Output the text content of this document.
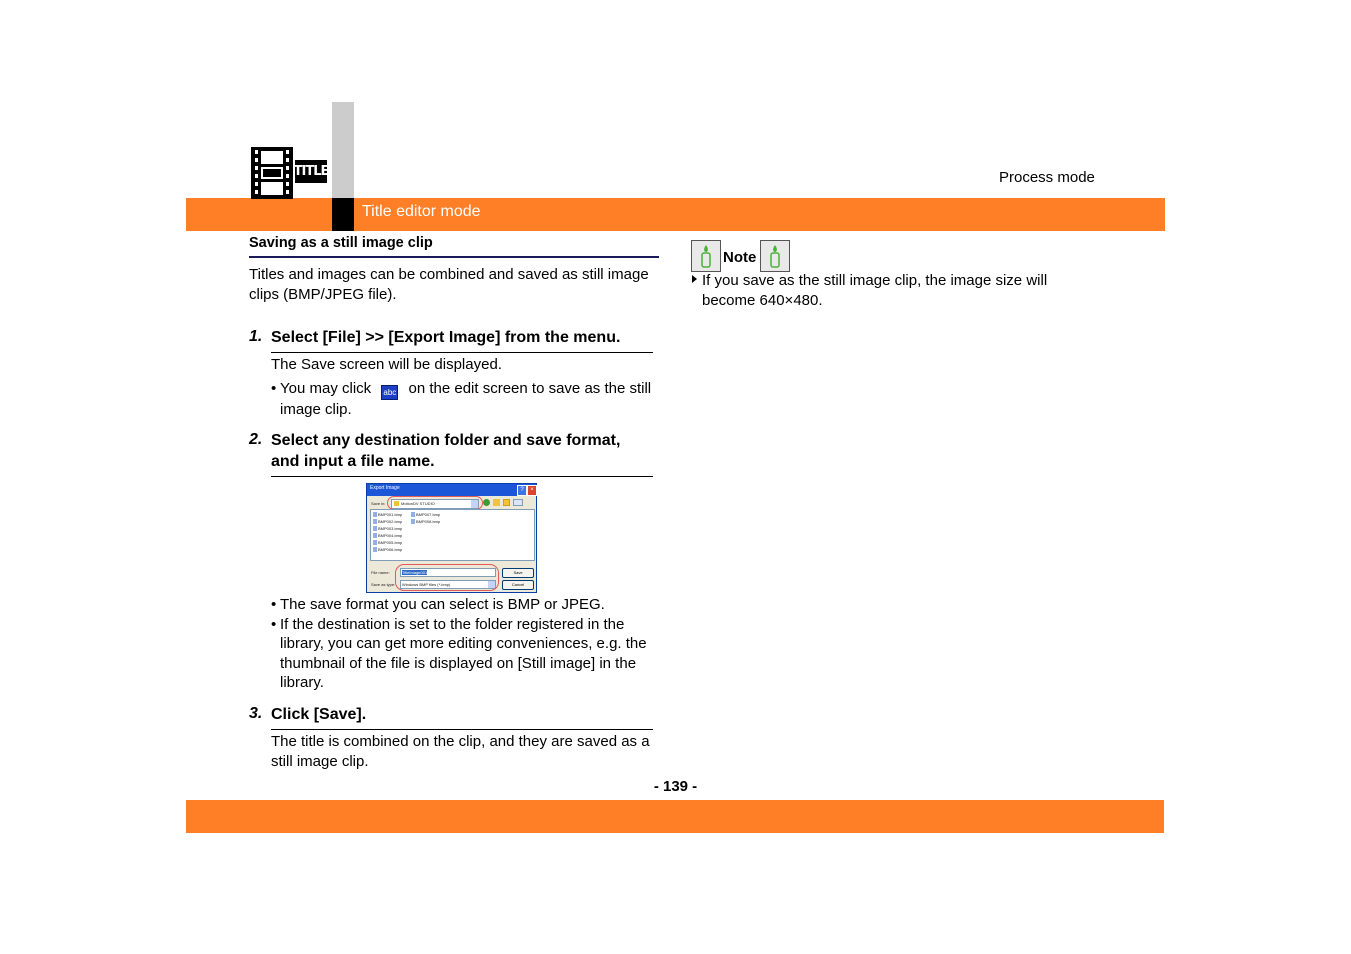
Title editor mode
Process mode
TITLE
Saving as a still image clip
Titles and images can be combined and saved as still image clips (BMP/JPEG file).
1. Select [File] >> [Export Image] from the menu.
The Save screen will be displayed.
• You may click abc on the edit screen to save as the still image clip.
2. Select any destination folder and save format,
and input a file name.
Export Image	?	×
Save in:	MotionDV STUDIO
BMP001.bmp
BMP002.bmp
BMP003.bmp
BMP004.bmp
BMP005.bmp
BMP006.bmp
BMP007.bmp
BMP008.bmp
File name:	TitleImage001
Save as type: Windows BMP files (*.bmp)
Save
Cancel
• The save format you can select is BMP or JPEG.
• If the destination is set to the folder registered in the library, you can get more editing conveniences, e.g. the thumbnail of the file is displayed on [Still image] in the library.
3. Click [Save].
The title is combined on the clip, and they are saved as a still image clip.
Note
If you save as the still image clip, the image size will become 640×480.
- 139 -
